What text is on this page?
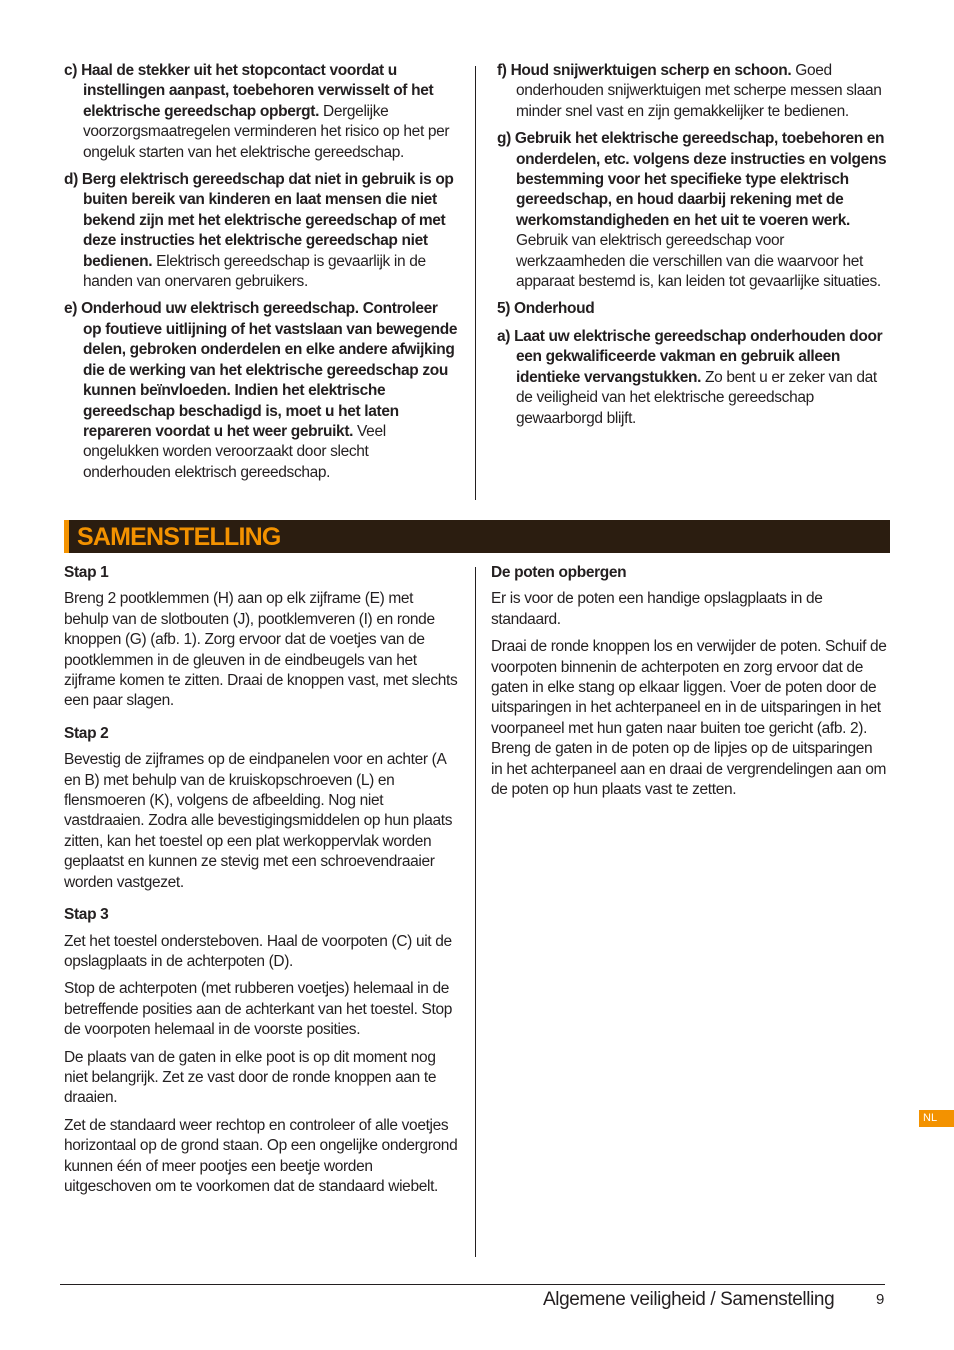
c) Haal de stekker uit het stopcontact voordat u instellingen aanpast, toebehoren verwisselt of het elektrische gereedschap opbergt. Dergelijke voorzorgsmaatregelen verminderen het risico op het per ongeluk starten van het elektrische gereedschap.
d) Berg elektrisch gereedschap dat niet in gebruik is op buiten bereik van kinderen en laat mensen die niet bekend zijn met het elektrische gereedschap of met deze instructies het elektrische gereedschap niet bedienen. Elektrisch gereedschap is gevaarlijk in de handen van onervaren gebruikers.
e) Onderhoud uw elektrisch gereedschap. Controleer op foutieve uitlijning of het vastslaan van bewegende delen, gebroken onderdelen en elke andere afwijking die de werking van het elektrische gereedschap zou kunnen beïnvloeden. Indien het elektrische gereedschap beschadigd is, moet u het laten repareren voordat u het weer gebruikt. Veel ongelukken worden veroorzaakt door slecht onderhouden elektrisch gereedschap.
f) Houd snijwerktuigen scherp en schoon. Goed onderhouden snijwerktuigen met scherpe messen slaan minder snel vast en zijn gemakkelijker te bedienen.
g) Gebruik het elektrische gereedschap, toebehoren en onderdelen, etc. volgens deze instructies en volgens bestemming voor het specifieke type elektrisch gereedschap, en houd daarbij rekening met de werkomstandigheden en het uit te voeren werk. Gebruik van elektrisch gereedschap voor werkzaamheden die verschillen van die waarvoor het apparaat bestemd is, kan leiden tot gevaarlijke situaties.
5) Onderhoud
a) Laat uw elektrische gereedschap onderhouden door een gekwalificeerde vakman en gebruik alleen identieke vervangstukken. Zo bent u er zeker van dat de veiligheid van het elektrische gereedschap gewaarborgd blijft.
SAMENSTELLING
Stap 1

Breng 2 pootklemmen (H) aan op elk zijframe (E) met behulp van de slotbouten (J), pootklemveren (I) en ronde knoppen (G) (afb. 1). Zorg ervoor dat de voetjes van de pootklemmen in de gleuven in de eindbeugels van het zijframe komen te zitten. Draai de knoppen vast, met slechts een paar slagen.

Stap 2

Bevestig de zijframes op de eindpanelen voor en achter (A en B) met behulp van de kruiskopschroeven (L) en flensmoeren (K), volgens de afbeelding. Nog niet vastdraaien. Zodra alle bevestigingsmiddelen op hun plaats zitten, kan het toestel op een plat werkoppervlak worden geplaatst en kunnen ze stevig met een schroevendraaier worden vastgezet.

Stap 3

Zet het toestel ondersteboven. Haal de voorpoten (C) uit de opslagplaats in de achterpoten (D).

Stop de achterpoten (met rubberen voetjes) helemaal in de betreffende posities aan de achterkant van het toestel. Stop de voorpoten helemaal in de voorste posities.

De plaats van de gaten in elke poot is op dit moment nog niet belangrijk. Zet ze vast door de ronde knoppen aan te draaien.

Zet de standaard weer rechtop en controleer of alle voetjes horizontaal op de grond staan. Op een ongelijke ondergrond kunnen één of meer pootjes een beetje worden uitgeschoven om te voorkomen dat de standaard wiebelt.

De poten opbergen

Er is voor de poten een handige opslagplaats in de standaard.

Draai de ronde knoppen los en verwijder de poten. Schuif de voorpoten binnenin de achterpoten en zorg ervoor dat de gaten in elke stang op elkaar liggen. Voer de poten door de uitsparingen in het achterpaneel en in de uitsparingen in het voorpaneel met hun gaten naar buiten toe gericht (afb. 2). Breng de gaten in de poten op de lipjes op de uitsparingen in het achterpaneel aan en draai de vergrendelingen aan om de poten op hun plaats vast te zetten.

NL
Algemene veiligheid / Samenstelling	9
